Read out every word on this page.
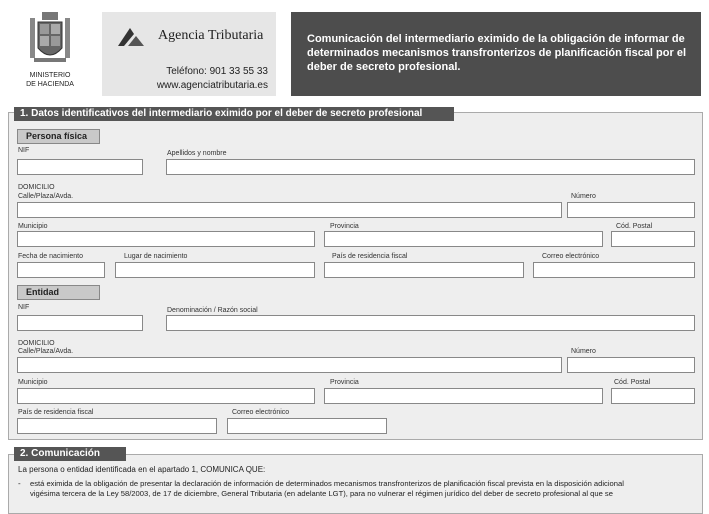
MINISTERIO
DE HACIENDA
Agencia Tributaria
Teléfono: 901 33 55 33
www.agenciatributaria.es
Comunicación del intermediario eximido de la obligación de informar de determinados mecanismos transfronterizos de planificación fiscal por el deber de secreto profesional.
1. Datos identificativos del intermediario eximido por el deber de secreto profesional
Persona física
NIF	Apellidos y nombre
DOMICILIO
Calle/Plaza/Avda.	Número
Municipio	Provincia	Cód. Postal
Fecha de nacimiento	Lugar de nacimiento	País de residencia fiscal	Correo electrónico
Entidad
NIF	Denominación / Razón social
DOMICILIO
Calle/Plaza/Avda.	Número
Municipio	Provincia	Cód. Postal
País de residencia fiscal	Correo electrónico
2. Comunicación
La persona o entidad identificada en el apartado 1, COMUNICA QUE:
- está eximida de la obligación de presentar la declaración de información de determinados mecanismos transfronterizos de planificación fiscal prevista en la disposición adicional
vigésima tercera de la Ley 58/2003, de 17 de diciembre, General Tributaria (en adelante LGT), para no vulnerar el régimen jurídico del deber de secreto profesional al que se
